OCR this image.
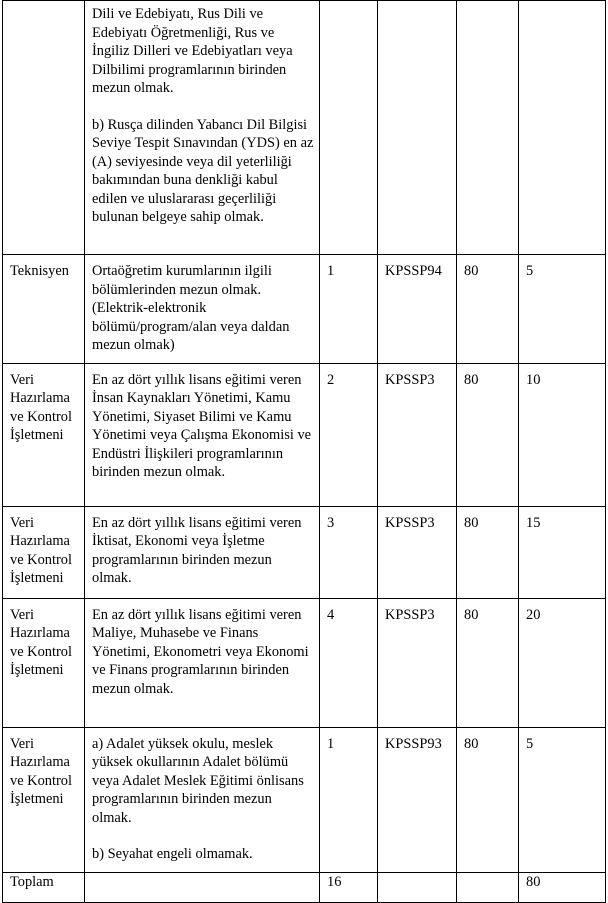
	Dili ve Edebiyatı, Rus Dili ve Edebiyatı Öğretmenliği, Rus ve İngiliz Dilleri ve Edebiyatları veya Dilbilimi programlarının birinden mezun olmak.

b) Rusça dilinden Yabancı Dil Bilgisi Seviye Tespit Sınavından (YDS) en az (A) seviyesinde veya dil yeterliliği bakımından buna denkliği kabul edilen ve uluslararası geçerliliği bulunan belgeye sahip olmak.				

Teknisyen	Ortaöğretim kurumlarının ilgili bölümlerinden mezun olmak. (Elektrik-elektronik bölümü/program/alan veya daldan mezun olmak)	1	KPSSP94	80	5
Veri Hazırlama ve Kontrol İşletmeni	En az dört yıllık lisans eğitimi veren İnsan Kaynakları Yönetimi, Kamu Yönetimi, Siyaset Bilimi ve Kamu Yönetimi veya Çalışma Ekonomisi ve Endüstri İlişkileri programlarının birinden mezun olmak.	2	KPSSP3	80	10
Veri Hazırlama ve Kontrol İşletmeni	En az dört yıllık lisans eğitimi veren İktisat, Ekonomi veya İşletme programlarının birinden mezun olmak.	3	KPSSP3	80	15
Veri Hazırlama ve Kontrol İşletmeni	En az dört yıllık lisans eğitimi veren Maliye, Muhasebe ve Finans Yönetimi, Ekonometri veya Ekonomi ve Finans programlarının birinden mezun olmak.	4	KPSSP3	80	20
Veri Hazırlama ve Kontrol İşletmeni	a) Adalet yüksek okulu, meslek yüksek okullarının Adalet bölümü veya Adalet Meslek Eğitimi önlisans programlarının birinden mezun olmak.

b) Seyahat engeli olmamak.	1	KPSSP93	80	5
Toplam		16			80
